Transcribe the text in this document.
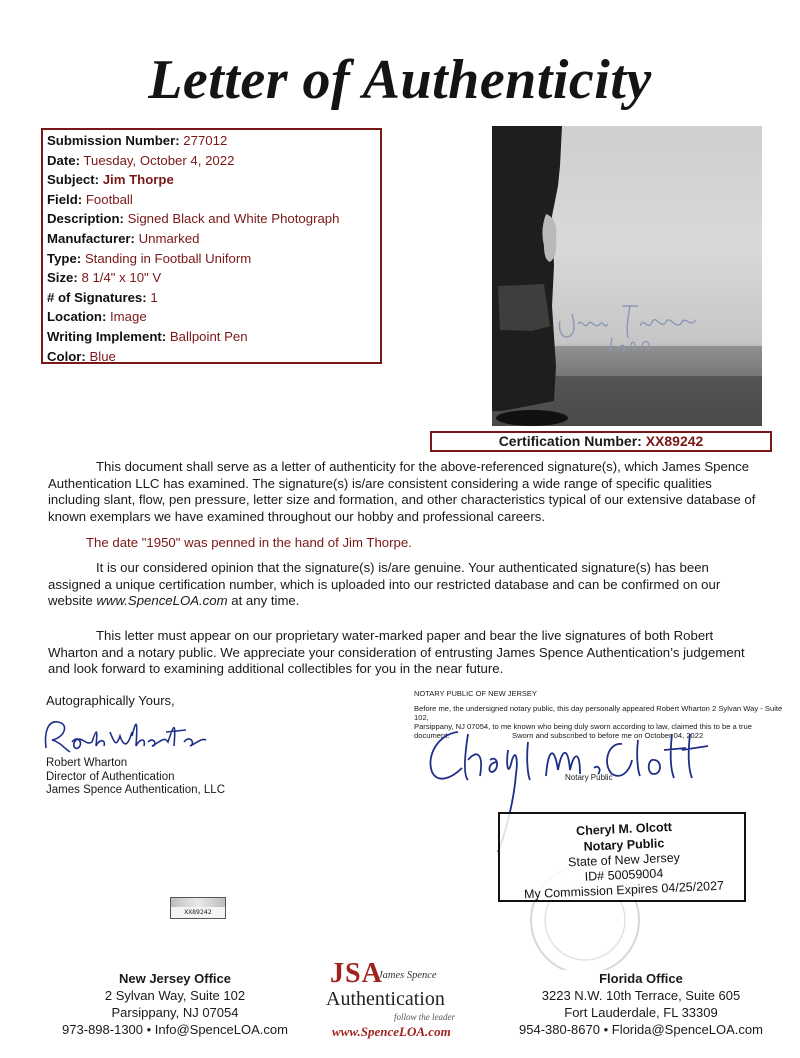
Letter of Authenticity
Submission Number: 277012
Date: Tuesday, October 4, 2022
Subject: Jim Thorpe
Field: Football
Description: Signed Black and White Photograph
Manufacturer: Unmarked
Type: Standing in Football Uniform
Size: 8 1/4" x 10" V
# of Signatures: 1
Location: Image
Writing Implement: Ballpoint Pen
Color: Blue
Certification Number: XX89242

This document shall serve as a letter of authenticity for the above-referenced signature(s), which James Spence Authentication LLC has examined. The signature(s) is/are consistent considering a wide range of specific qualities including slant, flow, pen pressure, letter size and formation, and other characteristics typical of our extensive database of known exemplars we have examined throughout our hobby and professional careers.

The date "1950" was penned in the hand of Jim Thorpe.

It is our considered opinion that the signature(s) is/are genuine. Your authenticated signature(s) has been assigned a unique certification number, which is uploaded into our restricted database and can be confirmed on our website www.SpenceLOA.com at any time.

This letter must appear on our proprietary water-marked paper and bear the live signatures of both Robert Wharton and a notary public. We appreciate your consideration of entrusting James Spence Authentication’s judgement and look forward to examining additional collectibles for you in the near future.

Autographically Yours,
Robert Wharton
Director of Authentication
James Spence Authentication, LLC
NOTARY PUBLIC OF NEW JERSEY
Before me, the undersigned notary public, this day personally appeared Robert Wharton 2 Sylvan Way - Suite 102,
Parsippany, NJ 07054, to me known who being duly sworn according to law, claimed this to be a true document.	Sworn and subscribed to before me on October 04, 2022
Notary Public
Cheryl M. Olcott
Notary Public
State of New Jersey
ID# 50059004
My Commission Expires 04/25/2027
XX89242
New Jersey Office
2 Sylvan Way, Suite 102
Parsippany, NJ 07054
973-898-1300 • Info@SpenceLOA.com
JSA
James Spence
Authentication
follow the leader
www.SpenceLOA.com
Florida Office
3223 N.W. 10th Terrace, Suite 605
Fort Lauderdale, FL 33309
954-380-8670 • Florida@SpenceLOA.com
